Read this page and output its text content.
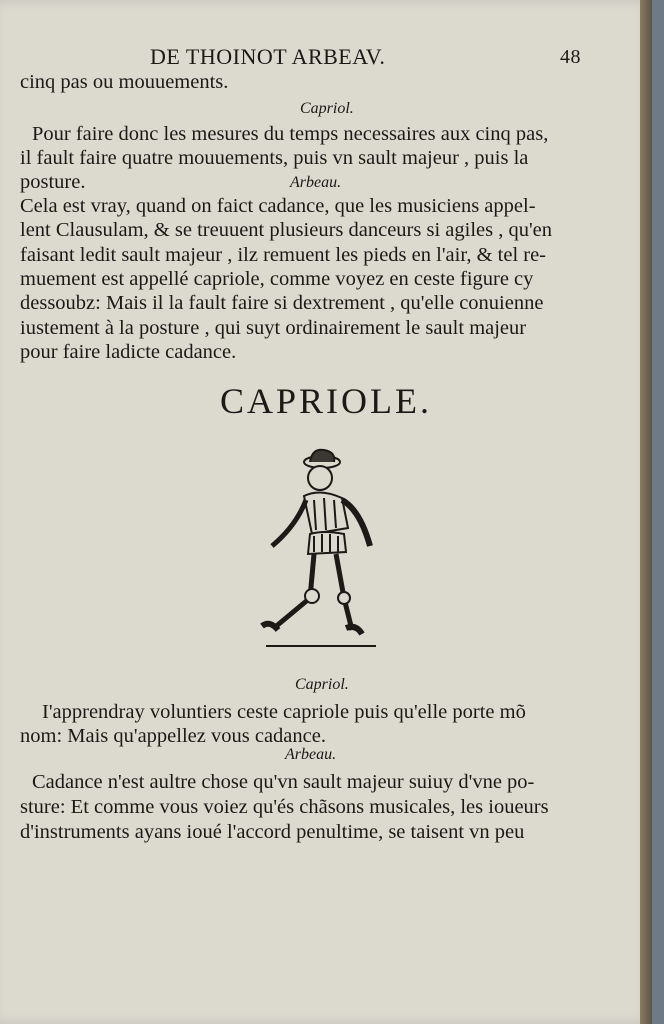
DE THOINOT ARBEAV.	48
cinq pas ou mouuements.
Capriol.
Pour faire donc les mesures du temps necessaires aux cinq pas,
il fault faire quatre mouuements, puis vn sault majeur , puis la
posture.	Arbeau.
Cela est vray, quand on faict cadance, que les musiciens appel-
lent Clausulam, & se treuuent plusieurs danceurs si agiles , qu'en
faisant ledit sault majeur , ilz remuent les pieds en l'air, & tel re-
muement est appellé capriole, comme voyez en ceste figure cy
dessoubz: Mais il la fault faire si dextrement , qu'elle conuienne
iustement à la posture , qui suyt ordinairement le sault majeur
pour faire ladicte cadance.
CAPRIOLE.
Capriol.
I'apprendray voluntiers ceste capriole puis qu'elle porte mõ
nom: Mais qu'appellez vous cadance.
Arbeau.
Cadance n'est aultre chose qu'vn sault majeur suiuy d'vne po-
sture: Et comme vous voiez qu'és chãsons musicales, les ioueurs
d'instruments ayans ioué l'accord penultime, se taisent vn peu
